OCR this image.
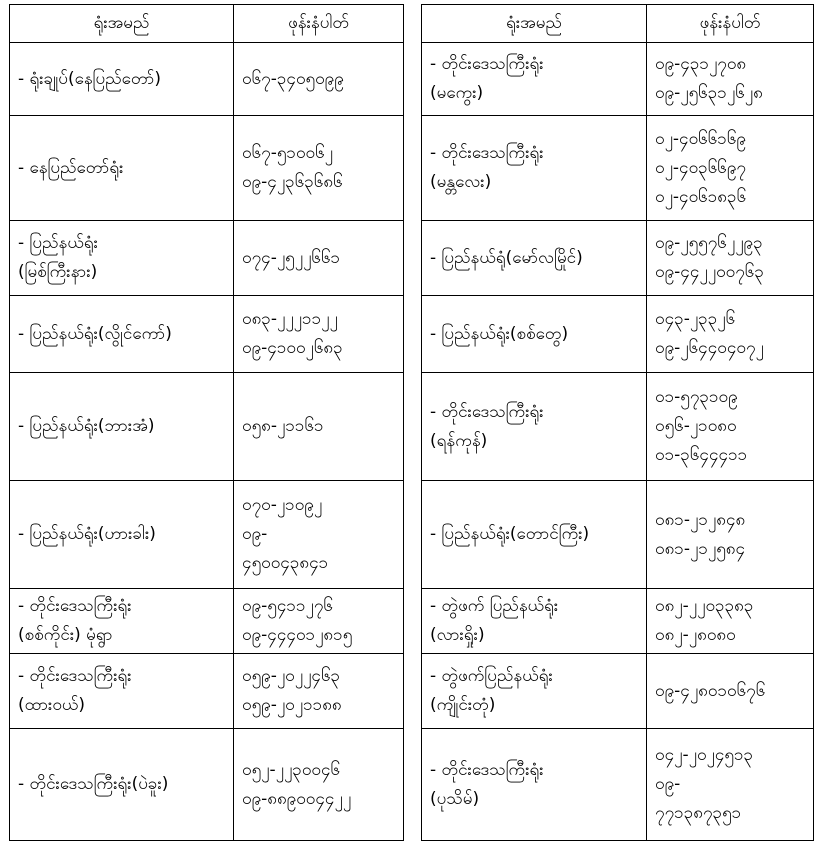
ရုံးအမည်	ဖုန်းနံပါတ်

- ရုံးချုပ်(နေပြည်တော်)	၀၆၇-၃၄၀၅၀၉၉

- နေပြည်တော်ရုံး	၀၆၇-၅၁၀၀၆၂
၀၉-၄၂၃၆၃၆၈၆

- ပြည်နယ်ရုံး
(မြစ်ကြီးနား)	၀၇၄-၂၅၂၂၆၆၁

- ပြည်နယ်ရုံး(လွိုင်ကော်)	၀၈၃-၂၂၂၁၁၂၂
၀၉-၄၁၀၀၂၆၈၃

- ပြည်နယ်ရုံး(ဘားအံ)	၀၅၈-၂၁၁၆၁

- ပြည်နယ်ရုံး(ဟားခါး)	၀၇၀-၂၁၀၉၂
၀၉-
၄၅၀၀၄၃၈၄၁

- တိုင်းဒေသကြီးရုံး
(စစ်ကိုင်း) မုံရွာ	၀၉-၅၄၁၁၂၇၆
၀၉-၄၄၄၀၁၂၈၁၅

- တိုင်းဒေသကြီးရုံး
(ထားဝယ်)	၀၅၉-၂၀၂၂၄၆၃
၀၅၉-၂၀၂၁၁၈၈

- တိုင်းဒေသကြီးရုံး(ပဲခူး)	၀၅၂-၂၂၃၀၀၄၆
၀၉-၈၈၉၀၀၄၄၂၂
ရုံးအမည်	ဖုန်းနံပါတ်

- တိုင်းဒေသကြီးရုံး
(မကွေး)	၀၉-၄၃၁၂၇၀၈
၀၉-၂၅၆၃၁၂၆၂၈

- တိုင်းဒေသကြီးရုံး
(မန္တလေး)	၀၂-၄၀၆၆၁၆၉
၀၂-၄၀၃၆၆၉၇
၀၂-၄၀၆၁၈၃၆

- ပြည်နယ်ရုံ(မော်လမြိုင်)	၀၉-၂၅၅၇၆၂၂၉၃
၀၉-၄၄၂၂၀၀၇၆၃

- ပြည်နယ်ရုံး(စစ်တွေ)	၀၄၃-၂၃၃၂၆
၀၉-၂၆၄၄၀၄၀၇၂

- တိုင်းဒေသကြီးရုံး
(ရန်ကုန်)	၀၁-၅၇၃၁၀၉
၀၅၆-၂၁၀၈၀
၀၁-၃၆၄၄၄၁၁

- ပြည်နယ်ရုံး(တောင်ကြီး)	၀၈၁-၂၁၂၈၄၈
၀၈၁-၂၁၂၅၈၄

- တွဲဖက် ပြည်နယ်ရုံး
(လားရှိုး)	၀၈၂-၂၂၀၃၃၈၃
၀၈၂-၂၈၀၈၀

- တွဲဖက်ပြည်နယ်ရုံး
(ကျိုင်းတုံ)	၀၉-၄၂၈၀၁၀၆၇၆

- တိုင်းဒေသကြီးရုံး
(ပုသိမ်)	၀၄၂-၂၀၂၄၅၁၃
၀၉-
၇၇၁၃၈၇၃၅၁
